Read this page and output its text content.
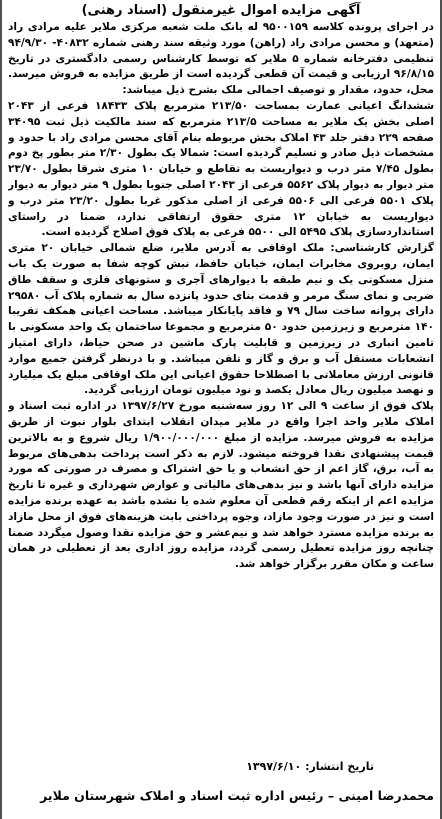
آگهی مزایده اموال غیرمنقول (اسناد رهنی)

در اجرای پرونده کلاسه ۹۵۰۰۱۵۹ له بانک ملت شعبه مرکزی ملایر علیه مرادی راد (متعهد) و محسن مرادی راد (راهن) مورد وثیقه سند رهنی شماره ۴۰۸۳۲- ۹۴/۹/۳۰ تنظیمی دفترخانه شماره ۵ ملایر که توسط کارشناس رسمی دادگستری در تاریخ ۹۶/۸/۱۵ ارزیابی و قیمت آن قطعی گردیده است از طریق مزایده به فروش میرسد. محل، حدود، مقدار و توصیف اجمالی ملک بشرح ذیل میباشد:

ششدانگ اعیانی عمارت بمساحت ۲۱۳/۵۰ مترمربع پلاک ۱۸۴۳۳ فرعی از ۲۰۴۳ اصلی بخش یک ملایر به مساحت ۲۱۳/۵ مترمربع که سند مالکیت ذیل ثبت ۳۴۰۹۵ صفحه ۲۲۹ دفتر جلد ۴۳ املاک بخش مربوطه بنام آقای محسن مرادی راد با حدود و مشخصات ذیل صادر و تسلیم گردیده است: شمالا یک بطول ۲/۳۰ متر بطور پخ دوم بطول ۷/۴۵ متر درب و دیواریست به تقاطع و خیابان ۱۰ متری شرقا بطول ۲۳/۷۰ متر دیوار به دیوار پلاک ۵۵۶۲ فرعی از ۲۰۴۳ اصلی جنوبا بطول ۹ متر دیوار به دیوار پلاک ۵۵۰۱ فرعی الی ۵۵۰۶ فرعی از اصلی مذکور غربا بطول ۲۳/۲۰ متر درب و دیواریست به خیابان ۱۲ متری حقوق ارتفاقی ندارد، ضمنا در راستای استانداردسازی پلاک ۵۴۹۵ الی ۵۵۰۰ فرعی به پلاک فوق اصلاح گردیده است.

گزارش کارشناسی: ملک اوقافی به آدرس ملایر، ضلع شمالی خیابان ۲۰ متری ایمان، روبروی مخابرات ایمان، خیابان حافظ، نبش کوچه شفا به صورت یک باب منزل مسکونی یک و نیم طبقه با دیوارهای آجری و ستونهای فلزی و سقف طاق ضربی و نمای سنگ مرمر و قدمت بنای حدود پانزده سال به شماره پلاک آب ۲۹۵۸۰ دارای پروانه ساخت سال ۷۹ و فاقد پایانکار میباشد. مساحت اعیانی همکف تقریبا ۱۴۰ مترمربع و زیرزمین حدود ۵۰ مترمربع و مجموعا ساختمان یک واحد مسکونی با تامین انباری در زیرزمین و قابلیت پارک ماشین در صحن حیاط، دارای امتیاز انشعابات مستقل آب و برق و گاز و تلفن میباشد. و با درنظر گرفتن جمیع موارد قانونی ارزش معاملاتی با اصطلاحا حقوق اعیانی این ملک اوقافی مبلغ یک میلیارد و نهصد میلیون ریال معادل یکصد و نود میلیون تومان ارزیابی گردید.

پلاک فوق از ساعت ۹ الی ۱۲ روز سه‌شنبه مورخ ۱۳۹۷/۶/۲۷ در اداره ثبت اسناد و املاک ملایر واحد اجرا واقع در ملایر میدان انقلاب ابتدای بلوار نبوت از طریق مزایده به فروش میرسد. مزایده از مبلغ ۱/۹۰۰/۰۰۰/۰۰۰ ریال شروع و به بالاترین قیمت پیشنهادی نقدا فروخته میشود. لازم به ذکر است پرداخت بدهی‌های مربوط به آب، برق، گاز اعم از حق انشعاب و یا حق اشتراک و مصرف در صورتی که مورد مزایده دارای آنها باشد و نیز بدهی‌های مالیاتی و عوارض شهرداری و غیره تا تاریخ مزایده اعم از اینکه رقم قطعی آن معلوم شده یا نشده باشد به عهده برنده مزایده است و نیز در صورت وجود مازاد، وجوه پرداختی بابت هزینه‌های فوق از محل مازاد به برنده مزایده مسترد خواهد شد و نیم‌عشر و حق مزایده نقدا وصول میگردد ضمنا چنانچه روز مزایده تعطیل رسمی گردد، مزایده روز اداری بعد از تعطیلی در همان ساعت و مکان مقرر برگزار خواهد شد.

تاریخ انتشار: ۱۳۹۷/۶/۱۰
محمدرضا امینی – رئیس اداره ثبت اسناد و املاک شهرستان ملایر
